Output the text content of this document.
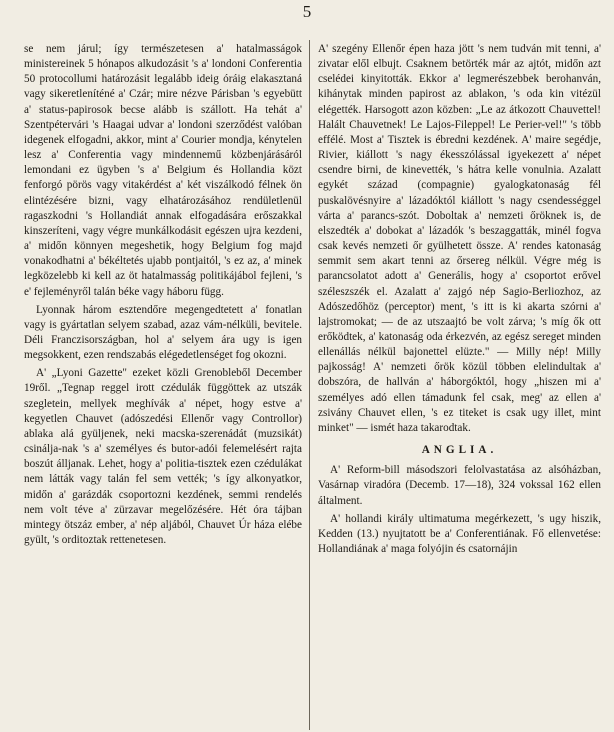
5

se nem járul; így természetesen a' hatalmasságok ministereinek 5 hónapos alkudozásit 's a' londoni Conferentia 50 protocollumi határozásit legalább ideig óráig elakasztaná vagy sikeretleníténé a' Czár; mire nézve Párisban 's egyebütt a' status-papirosok becse alább is szállott. Ha tehát a' Szentpétervári 's Haagai udvar a' londoni szerződést valóban idegenek elfogadni, akkor, mint a' Courier mondja, kénytelen lesz a' Conferentia vagy mindennemű közbenjárásáról lemondani ez ügyben 's a' Belgium és Hollandia közt fenforgó pörös vagy vitakérdést a' két viszálkodó félnek ön elintézésére bizni, vagy elhatározásához rendületlenül ragaszkodni 's Hollandiát annak elfogadására erőszakkal kinszeríteni, vagy végre munkálkodásit egészen ujra kezdeni, a' midőn könnyen megeshetik, hogy Belgium fog majd vonakodhatni a' békéltetés ujabb pontjaitól, 's ez az, a' minek legközelebb ki kell az öt hatalmasság politikájábol fejleni, 's e' fejleményről talán béke vagy háboru függ.

Lyonnak három esztendőre megengedtetett a' fonatlan vagy is gyártatlan selyem szabad, azaz vám-nélküli, bevitele. Déli Franczisországban, hol a' selyem ára ugy is igen megsokkent, ezen rendszabás elégedetlenséget fog okozni.

A' „Lyoni Gazette" ezeket közli Grenobleből December 19ről. „Tegnap reggel irott czédulák függöttek az utszák szegletein, mellyek meghívák a' népet, hogy estve a' kegyetlen Chauvet (adószedési Ellenőr vagy Controllor) ablaka alá gyüljenek, neki macska-szerenádát (muzsikát) csinálja-nak 's a' személyes és butor-adói felemelésért rajta boszút álljanak. Lehet, hogy a' politia-tisztek ezen czédulákat nem látták vagy talán fel sem vették; 's így alkonyatkor, midőn a' garázdák csoportozni kezdének, semmi rendelés nem volt téve a' zürzavar megelőzésére. Hét óra tájban mintegy ötszáz ember, a' nép aljából, Chauvet Úr háza elébe gyült, 's orditoztak rettenetesen.

A' szegény Ellenőr épen haza jött 's nem tudván mit tenni, a' zivatar elől elbujt. Csaknem betörték már az ajtót, midőn azt cselédei kinyitották. Ekkor a' legmerészebbek berohanván, kihánytak minden papirost az ablakon, 's oda kin vitézül elégették. Harsogott azon közben: „Le az átkozott Chauvettel! Halált Chauvetnek! Le Lajos-Fileppel! Le Perier-vel!" 's több effélé. Most a' Tisztek is ébredni kezdének. A' maire segédje, Rivier, kiállott 's nagy ékesszólással igyekezett a' népet csendre birni, de kinevették, 's hátra kelle vonulnia. Azalatt egykét század (compagnie) gyalogkatonaság fél puskalövésnyire a' lázadóktól kiállott 's nagy csendességgel várta a' parancs-szót. Doboltak a' nemzeti őröknek is, de elszedték a' dobokat a' lázadók 's beszaggatták, minél fogva csak kevés nemzeti őr gyülhetett össze. A' rendes katonaság semmit sem akart tenni az őrsereg nélkül. Végre még is parancsolatot adott a' Generális, hogy a' csoportot erővel széleszszék el. Azalatt a' zajgó nép Sagio-Berliozhoz, az Adószedőhöz (perceptor) ment, 's itt is ki akarta szórni a' lajstromokat; — de az utszaajtó be volt zárva; 's míg ők ott erőködtek, a' katonaság oda érkezvén, az egész sereget minden ellenállás nélkül bajonettel elüzte." — Milly nép! Milly pajkosság! A' nemzeti őrök közül többen elelindultak a' dobszóra, de hallván a' háborgóktól, hogy „hiszen mi a' személyes adó ellen támadunk fel csak, meg' az ellen a' zsivány Chauvet ellen, 's ez titeket is csak ugy illet, mint minket" — ismét haza takarodtak.

ANGLIA.

A' Reform-bill másodszori felolvastatása az alsóházban, Vasárnap viradóra (Decemb. 17—18), 324 vokssal 162 ellen általment.

A' hollandi király ultimatuma megérkezett, 's ugy hiszik, Kedden (13.) nyujtatott be a' Conferentiának. Fő ellenvetése: Hollandiának a' maga folyójin és csatornájin
